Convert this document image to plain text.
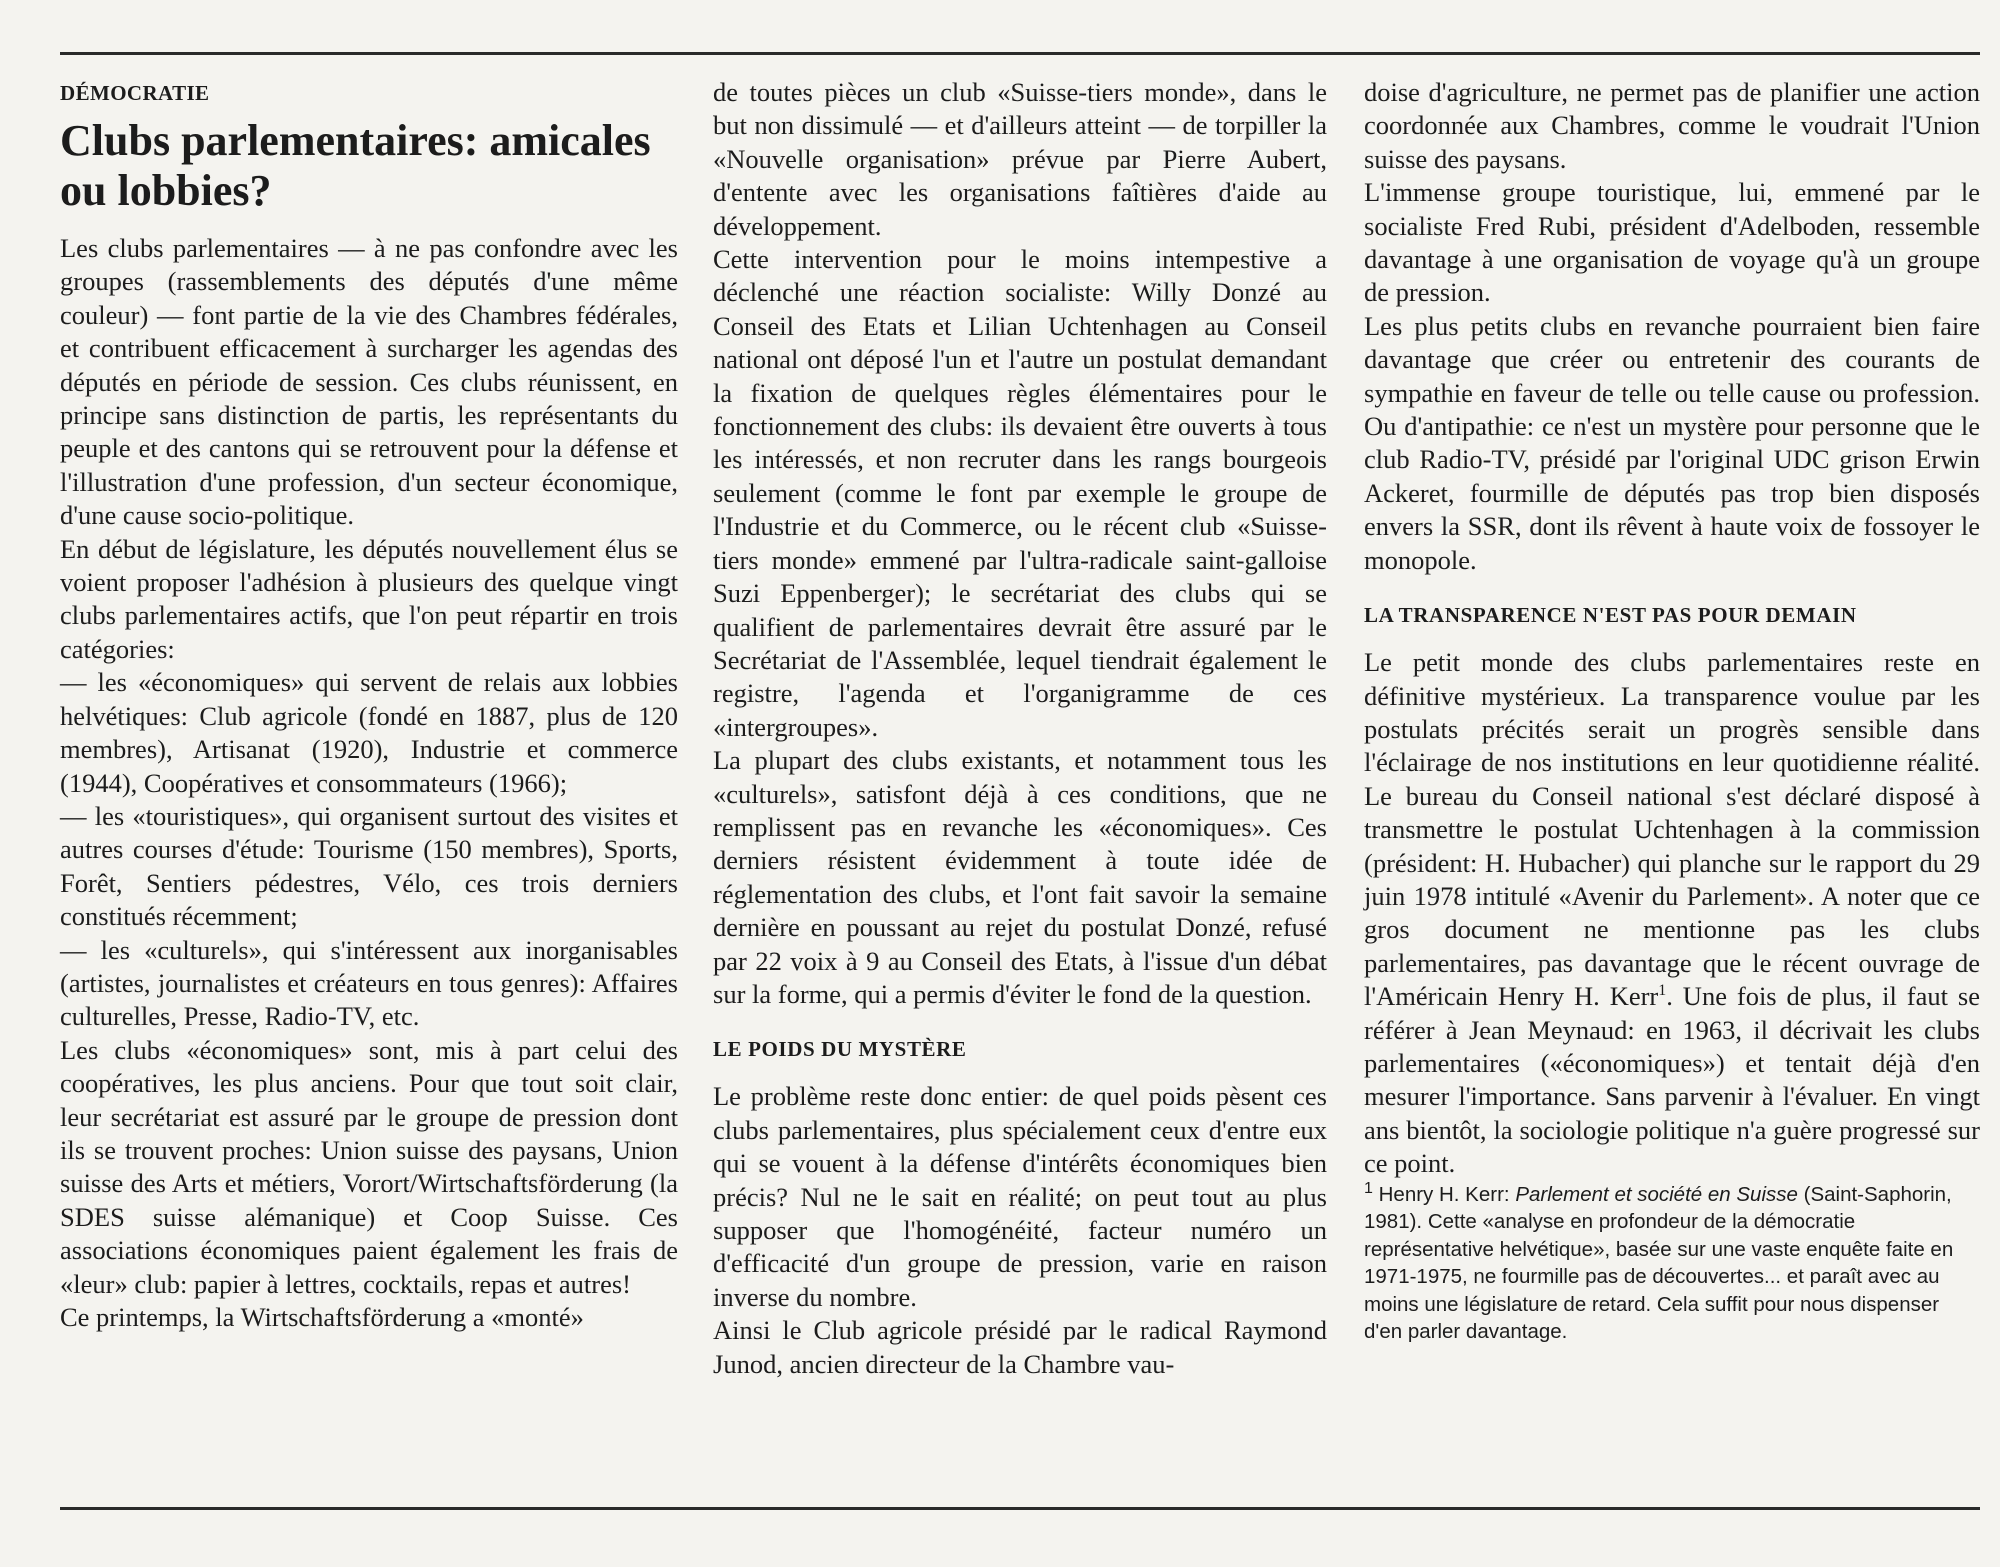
DÉMOCRATIE

Clubs parlementaires: amicales ou lobbies?

Les clubs parlementaires — à ne pas confondre avec les groupes (rassemblements des députés d'une même couleur) — font partie de la vie des Chambres fédérales, et contribuent efficacement à surcharger les agendas des députés en période de session. Ces clubs réunissent, en principe sans distinction de partis, les représentants du peuple et des cantons qui se retrouvent pour la défense et l'illustration d'une profession, d'un secteur économique, d'une cause socio-politique.

En début de législature, les députés nouvellement élus se voient proposer l'adhésion à plusieurs des quelque vingt clubs parlementaires actifs, que l'on peut répartir en trois catégories:

— les «économiques» qui servent de relais aux lobbies helvétiques: Club agricole (fondé en 1887, plus de 120 membres), Artisanat (1920), Industrie et commerce (1944), Coopératives et consommateurs (1966);

— les «touristiques», qui organisent surtout des visites et autres courses d'étude: Tourisme (150 membres), Sports, Forêt, Sentiers pédestres, Vélo, ces trois derniers constitués récemment;

— les «culturels», qui s'intéressent aux inorganisables (artistes, journalistes et créateurs en tous genres): Affaires culturelles, Presse, Radio-TV, etc.

Les clubs «économiques» sont, mis à part celui des coopératives, les plus anciens. Pour que tout soit clair, leur secrétariat est assuré par le groupe de pression dont ils se trouvent proches: Union suisse des paysans, Union suisse des Arts et métiers, Vorort/Wirtschaftsförderung (la SDES suisse alémanique) et Coop Suisse. Ces associations économiques paient également les frais de «leur» club: papier à lettres, cocktails, repas et autres!

Ce printemps, la Wirtschaftsförderung a «monté»

de toutes pièces un club «Suisse-tiers monde», dans le but non dissimulé — et d'ailleurs atteint — de torpiller la «Nouvelle organisation» prévue par Pierre Aubert, d'entente avec les organisations faîtières d'aide au développement.

Cette intervention pour le moins intempestive a déclenché une réaction socialiste: Willy Donzé au Conseil des Etats et Lilian Uchtenhagen au Conseil national ont déposé l'un et l'autre un postulat demandant la fixation de quelques règles élémentaires pour le fonctionnement des clubs: ils devaient être ouverts à tous les intéressés, et non recruter dans les rangs bourgeois seulement (comme le font par exemple le groupe de l'Industrie et du Commerce, ou le récent club «Suisse-tiers monde» emmené par l'ultra-radicale saint-galloise Suzi Eppenberger); le secrétariat des clubs qui se qualifient de parlementaires devrait être assuré par le Secrétariat de l'Assemblée, lequel tiendrait également le registre, l'agenda et l'organigramme de ces «intergroupes».

La plupart des clubs existants, et notamment tous les «culturels», satisfont déjà à ces conditions, que ne remplissent pas en revanche les «économiques». Ces derniers résistent évidemment à toute idée de réglementation des clubs, et l'ont fait savoir la semaine dernière en poussant au rejet du postulat Donzé, refusé par 22 voix à 9 au Conseil des Etats, à l'issue d'un débat sur la forme, qui a permis d'éviter le fond de la question.

LE POIDS DU MYSTÈRE

Le problème reste donc entier: de quel poids pèsent ces clubs parlementaires, plus spécialement ceux d'entre eux qui se vouent à la défense d'intérêts économiques bien précis? Nul ne le sait en réalité; on peut tout au plus supposer que l'homogénéité, facteur numéro un d'efficacité d'un groupe de pression, varie en raison inverse du nombre.

Ainsi le Club agricole présidé par le radical Raymond Junod, ancien directeur de la Chambre vau-

doise d'agriculture, ne permet pas de planifier une action coordonnée aux Chambres, comme le voudrait l'Union suisse des paysans.

L'immense groupe touristique, lui, emmené par le socialiste Fred Rubi, président d'Adelboden, ressemble davantage à une organisation de voyage qu'à un groupe de pression.

Les plus petits clubs en revanche pourraient bien faire davantage que créer ou entretenir des courants de sympathie en faveur de telle ou telle cause ou profession. Ou d'antipathie: ce n'est un mystère pour personne que le club Radio-TV, présidé par l'original UDC grison Erwin Ackeret, fourmille de députés pas trop bien disposés envers la SSR, dont ils rêvent à haute voix de fossoyer le monopole.

LA TRANSPARENCE N'EST PAS POUR DEMAIN

Le petit monde des clubs parlementaires reste en définitive mystérieux. La transparence voulue par les postulats précités serait un progrès sensible dans l'éclairage de nos institutions en leur quotidienne réalité. Le bureau du Conseil national s'est déclaré disposé à transmettre le postulat Uchtenhagen à la commission (président: H. Hubacher) qui planche sur le rapport du 29 juin 1978 intitulé «Avenir du Parlement». A noter que ce gros document ne mentionne pas les clubs parlementaires, pas davantage que le récent ouvrage de l'Américain Henry H. Kerr$^1$. Une fois de plus, il faut se référer à Jean Meynaud: en 1963, il décrivait les clubs parlementaires («économiques») et tentait déjà d'en mesurer l'importance. Sans parvenir à l'évaluer. En vingt ans bientôt, la sociologie politique n'a guère progressé sur ce point.

$^1$ Henry H. Kerr: Parlement et société en Suisse (Saint-Saphorin, 1981). Cette «analyse en profondeur de la démocratie représentative helvétique», basée sur une vaste enquête faite en 1971-1975, ne fourmille pas de découvertes... et paraît avec au moins une législature de retard. Cela suffit pour nous dispenser d'en parler davantage.
